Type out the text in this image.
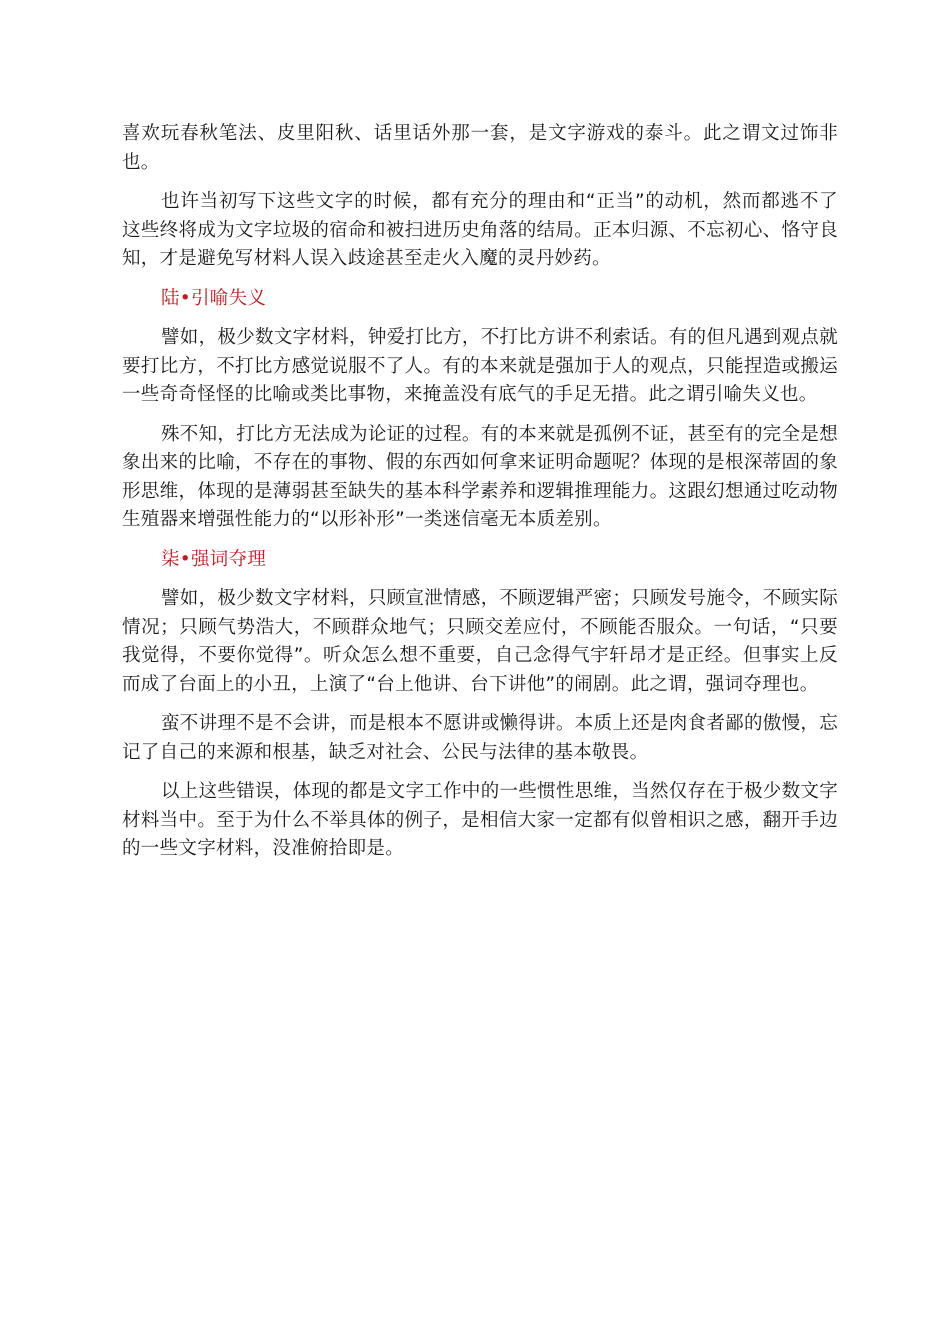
喜欢玩春秋笔法、皮里阳秋、话里话外那一套，是文字游戏的泰斗。此之谓文过饰非也。

也许当初写下这些文字的时候，都有充分的理由和“正当”的动机，然而都逃不了这些终将成为文字垃圾的宿命和被扫进历史角落的结局。正本归源、不忘初心、恪守良知，才是避免写材料人误入歧途甚至走火入魔的灵丹妙药。

陆•引喻失义

譬如，极少数文字材料，钟爱打比方，不打比方讲不利索话。有的但凡遇到观点就要打比方，不打比方感觉说服不了人。有的本来就是强加于人的观点，只能捏造或搬运一些奇奇怪怪的比喻或类比事物，来掩盖没有底气的手足无措。此之谓引喻失义也。

殊不知，打比方无法成为论证的过程。有的本来就是孤例不证，甚至有的完全是想象出来的比喻，不存在的事物、假的东西如何拿来证明命题呢？体现的是根深蒂固的象形思维，体现的是薄弱甚至缺失的基本科学素养和逻辑推理能力。这跟幻想通过吃动物生殖器来增强性能力的“以形补形”一类迷信毫无本质差别。

柒•强词夺理

譬如，极少数文字材料，只顾宣泄情感，不顾逻辑严密；只顾发号施令，不顾实际情况；只顾气势浩大，不顾群众地气；只顾交差应付，不顾能否服众。一句话，“只要我觉得，不要你觉得”。听众怎么想不重要，自己念得气宇轩昂才是正经。但事实上反而成了台面上的小丑，上演了“台上他讲、台下讲他”的闹剧。此之谓，强词夺理也。

蛮不讲理不是不会讲，而是根本不愿讲或懒得讲。本质上还是肉食者鄙的傲慢，忘记了自己的来源和根基，缺乏对社会、公民与法律的基本敬畏。

以上这些错误，体现的都是文字工作中的一些惯性思维，当然仅存在于极少数文字材料当中。至于为什么不举具体的例子，是相信大家一定都有似曾相识之感，翻开手边的一些文字材料，没准俯拾即是。
